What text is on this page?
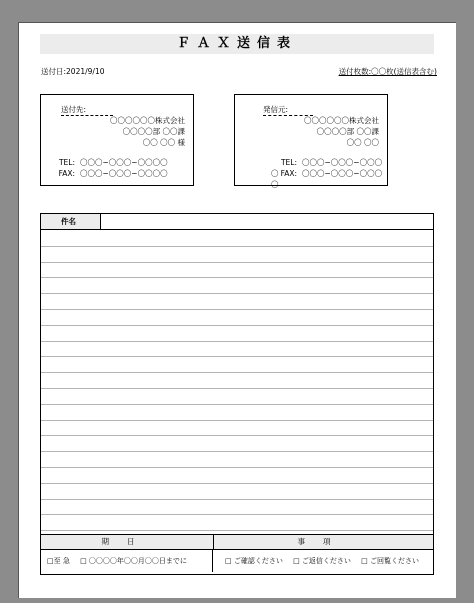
ＦＡＸ送信表
送付日:2021/9/10	送付枚数:〇〇枚(送信表含む)
送付先:
〇〇〇〇〇〇株式会社
〇〇〇〇部 〇〇課
〇〇 〇〇 様
TEL: 〇〇〇−〇〇〇−〇〇〇〇
FAX: 〇〇〇−〇〇〇−〇〇〇〇
発信元:
〇〇〇〇〇〇株式会社
〇〇〇〇部 〇〇課
〇〇 〇〇
TEL: 〇〇〇−〇〇〇−〇〇〇〇 FAX: 〇〇〇−〇〇〇−〇〇〇〇
件名
期日	事項
□至 急 □ 〇〇〇〇年〇〇月〇〇日までに	□ ご確認ください □ ご返信ください □ ご回覧ください
